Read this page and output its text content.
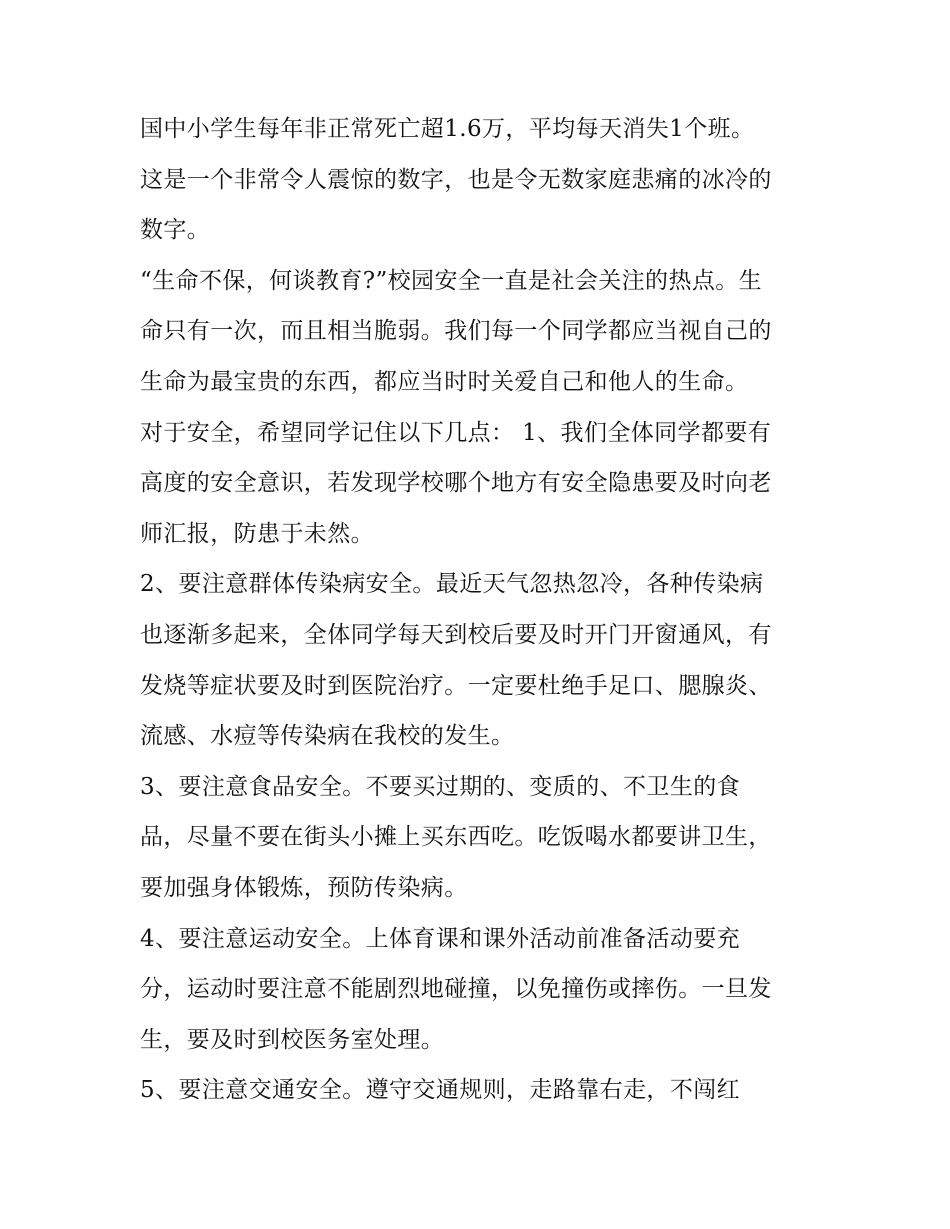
国中小学生每年非正常死亡超1.6万，平均每天消失1个班。
这是一个非常令人震惊的数字，也是令无数家庭悲痛的冰冷的
数字。
“生命不保，何谈教育?”校园安全一直是社会关注的热点。生
命只有一次，而且相当脆弱。我们每一个同学都应当视自己的
生命为最宝贵的东西，都应当时时关爱自己和他人的生命。
对于安全，希望同学记住以下几点： 1、我们全体同学都要有
高度的安全意识，若发现学校哪个地方有安全隐患要及时向老
师汇报，防患于未然。
2、要注意群体传染病安全。最近天气忽热忽冷，各种传染病
也逐渐多起来，全体同学每天到校后要及时开门开窗通风，有
发烧等症状要及时到医院治疗。一定要杜绝手足口、腮腺炎、
流感、水痘等传染病在我校的发生。
3、要注意食品安全。不要买过期的、变质的、不卫生的食
品，尽量不要在街头小摊上买东西吃。吃饭喝水都要讲卫生，
要加强身体锻炼，预防传染病。
4、要注意运动安全。上体育课和课外活动前准备活动要充
分，运动时要注意不能剧烈地碰撞，以免撞伤或摔伤。一旦发
生，要及时到校医务室处理。
5、要注意交通安全。遵守交通规则，走路靠右走，不闯红
